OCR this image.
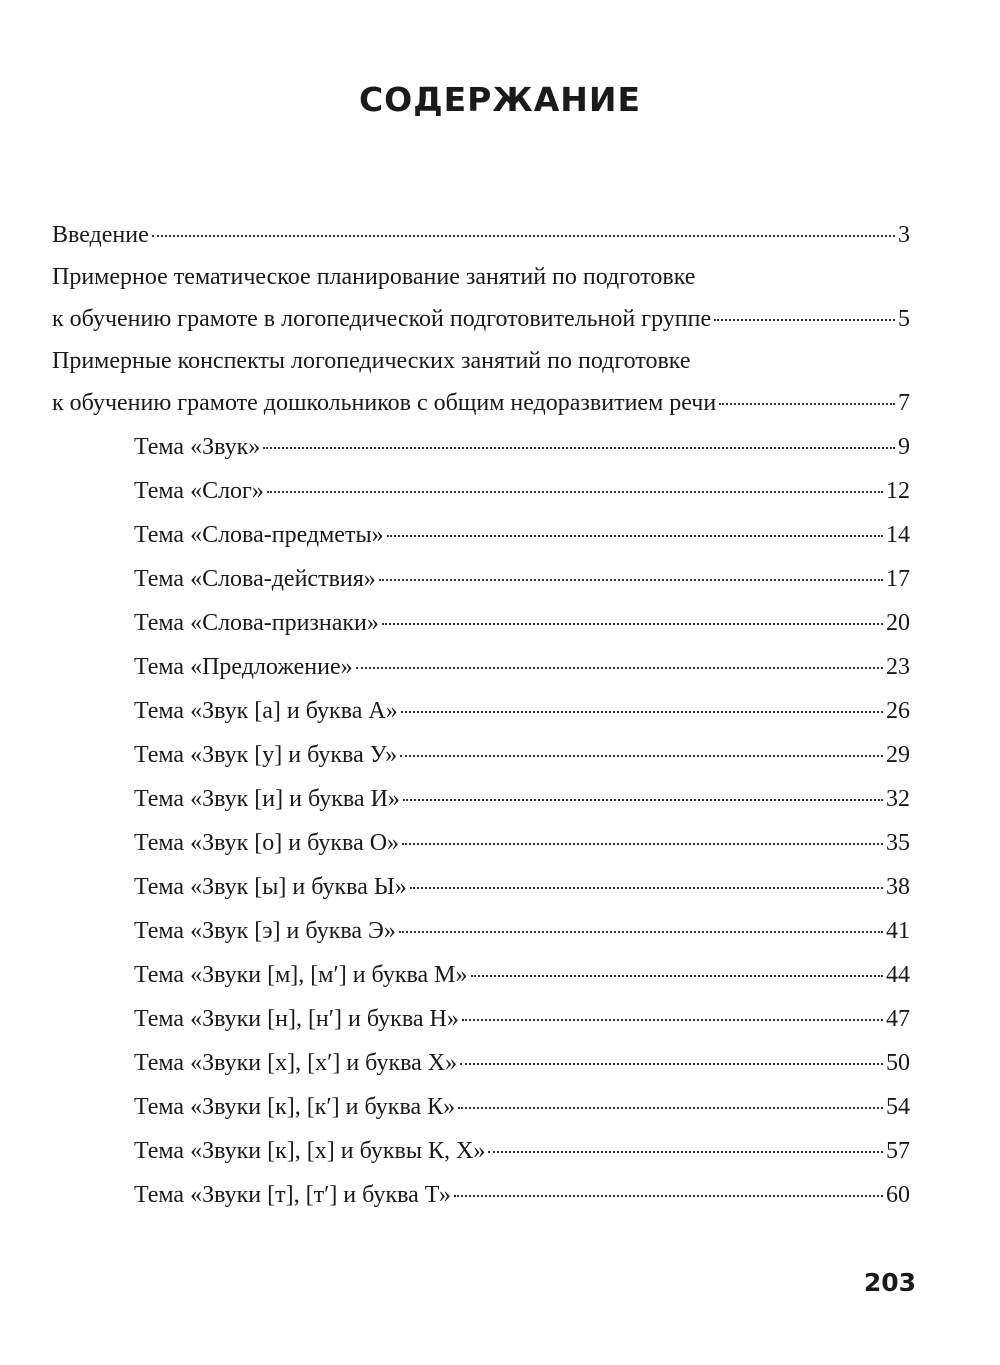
СОДЕРЖАНИЕ
Введение	3
Примерное тематическое планирование занятий по подготовке
к обучению грамоте в логопедической подготовительной группе	5
Примерные конспекты логопедических занятий по подготовке
к обучению грамоте дошкольников с общим недоразвитием речи	7
Тема «Звук»	9
Тема «Слог»	12
Тема «Слова-предметы»	14
Тема «Слова-действия»	17
Тема «Слова-признаки»	20
Тема «Предложение»	23
Тема «Звук [а] и буква А»	26
Тема «Звук [у] и буква У»	29
Тема «Звук [и] и буква И»	32
Тема «Звук [о] и буква О»	35
Тема «Звук [ы] и буква Ы»	38
Тема «Звук [э] и буква Э»	41
Тема «Звуки [м], [м′] и буква М»	44
Тема «Звуки [н], [н′] и буква Н»	47
Тема «Звуки [х], [х′] и буква Х»	50
Тема «Звуки [к], [к′] и буква К»	54
Тема «Звуки [к], [х] и буквы К, Х»	57
Тема «Звуки [т], [т′] и буква Т»	60
203
